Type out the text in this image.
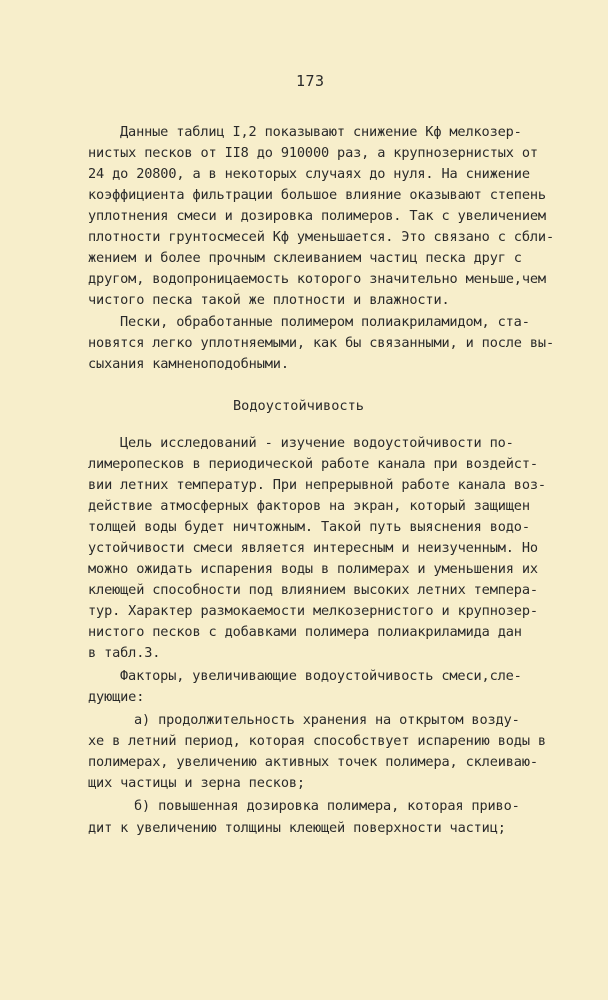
173
Данные таблиц I,2 показывают снижение Кф мелкозер-
нистых песков от II8 до 910000 раз, а крупнозернистых от
24 до 20800, а в некоторых случаях до нуля. На снижение
коэффициента фильтрации большое влияние оказывают степень
уплотнения смеси и дозировка полимеров. Так с увеличением
плотности грунтосмесей Кф уменьшается. Это связано с сбли-
жением и более прочным склеиванием частиц песка друг с
другом, водопроницаемость которого значительно меньше,чем
чистого песка такой же плотности и влажности.
Пески, обработанные полимером полиакриламидом, ста-
новятся легко уплотняемыми, как бы связанными, и после вы-
сыхания камненоподобными.
Водоустойчивость
Цель исследований - изучение водоустойчивости по-
лимеропесков в периодической работе канала при воздейст-
вии летних температур. При непрерывной работе канала воз-
действие атмосферных факторов на экран, который защищен
толщей воды будет ничтожным. Такой путь выяснения водо-
устойчивости смеси является интересным и неизученным. Но
можно ожидать испарения воды в полимерах и уменьшения их
клеющей способности под влиянием высоких летних темпера-
тур. Характер размокаемости мелкозернистого и крупнозер-
нистого песков с добавками полимера полиакриламида дан
в табл.3.
Факторы, увеличивающие водоустойчивость смеси,сле-
дующие:
а) продолжительность хранения на открытом возду-
хе в летний период, которая способствует испарению воды в
полимерах, увеличению активных точек полимера, склеиваю-
щих частицы и зерна песков;
б) повышенная дозировка полимера, которая приво-
дит к увеличению толщины клеющей поверхности частиц;
